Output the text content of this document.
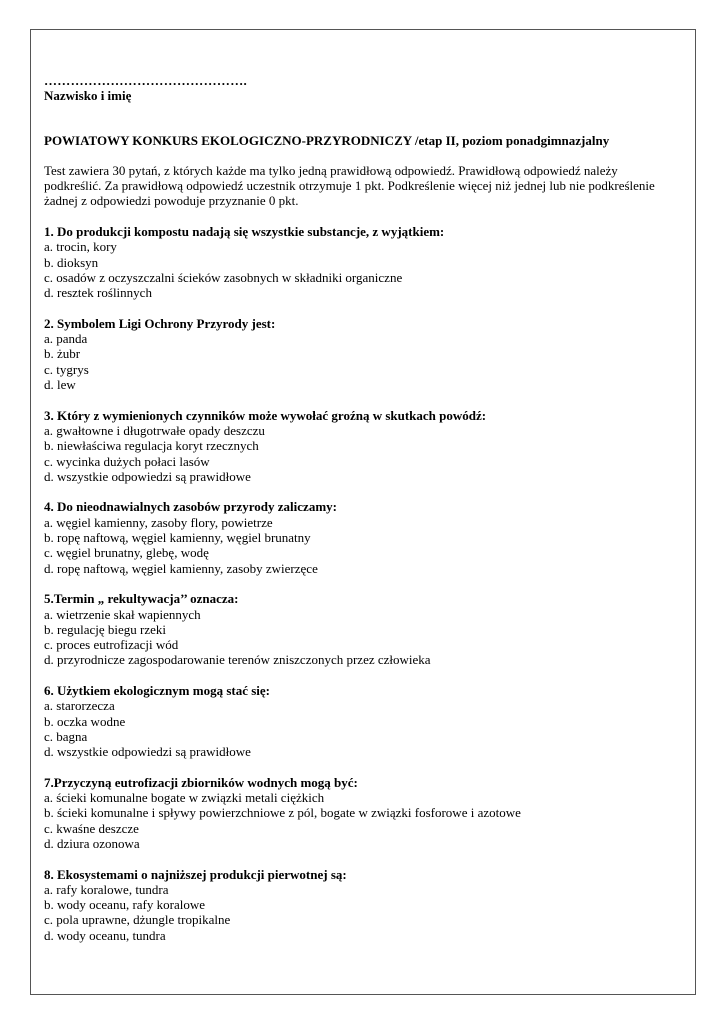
……………………………………….
Nazwisko i imię
POWIATOWY KONKURS EKOLOGICZNO-PRZYRODNICZY /etap II, poziom ponadgimnazjalny
Test zawiera 30 pytań, z których każde ma tylko jedną prawidłową odpowiedź. Prawidłową odpowiedź należy
podkreślić. Za prawidłową odpowiedź uczestnik otrzymuje 1 pkt. Podkreślenie więcej niż jednej lub nie podkreślenie
żadnej z odpowiedzi powoduje przyznanie 0 pkt.
1. Do produkcji kompostu nadają się wszystkie substancje, z wyjątkiem:
a. trocin, kory
b. dioksyn
c. osadów z oczyszczalni ścieków zasobnych w składniki organiczne
d. resztek roślinnych
2. Symbolem Ligi Ochrony Przyrody jest:
a. panda
b. żubr
c. tygrys
d. lew
3. Który z wymienionych czynników może wywołać groźną w skutkach powódź:
a. gwałtowne i długotrwałe opady deszczu
b. niewłaściwa regulacja koryt rzecznych
c. wycinka dużych połaci lasów
d. wszystkie odpowiedzi są prawidłowe
4. Do nieodnawialnych zasobów przyrody zaliczamy:
a. węgiel kamienny, zasoby flory, powietrze
b. ropę naftową, węgiel kamienny, węgiel brunatny
c. węgiel brunatny, glebę, wodę
d. ropę naftową, węgiel kamienny, zasoby zwierzęce
5.Termin „ rekultywacja’’ oznacza:
a. wietrzenie skał wapiennych
b. regulację biegu rzeki
c. proces eutrofizacji wód
d. przyrodnicze zagospodarowanie terenów zniszczonych przez człowieka
6. Użytkiem ekologicznym mogą stać się:
a. starorzecza
b. oczka wodne
c. bagna
d. wszystkie odpowiedzi są prawidłowe
7.Przyczyną eutrofizacji zbiorników wodnych mogą być:
a. ścieki komunalne bogate w związki metali ciężkich
b. ścieki komunalne i spływy powierzchniowe z pól, bogate w związki fosforowe i azotowe
c. kwaśne deszcze
d. dziura ozonowa
8. Ekosystemami o najniższej produkcji pierwotnej są:
a. rafy koralowe, tundra
b. wody oceanu, rafy koralowe
c. pola uprawne, dżungle tropikalne
d. wody oceanu, tundra
